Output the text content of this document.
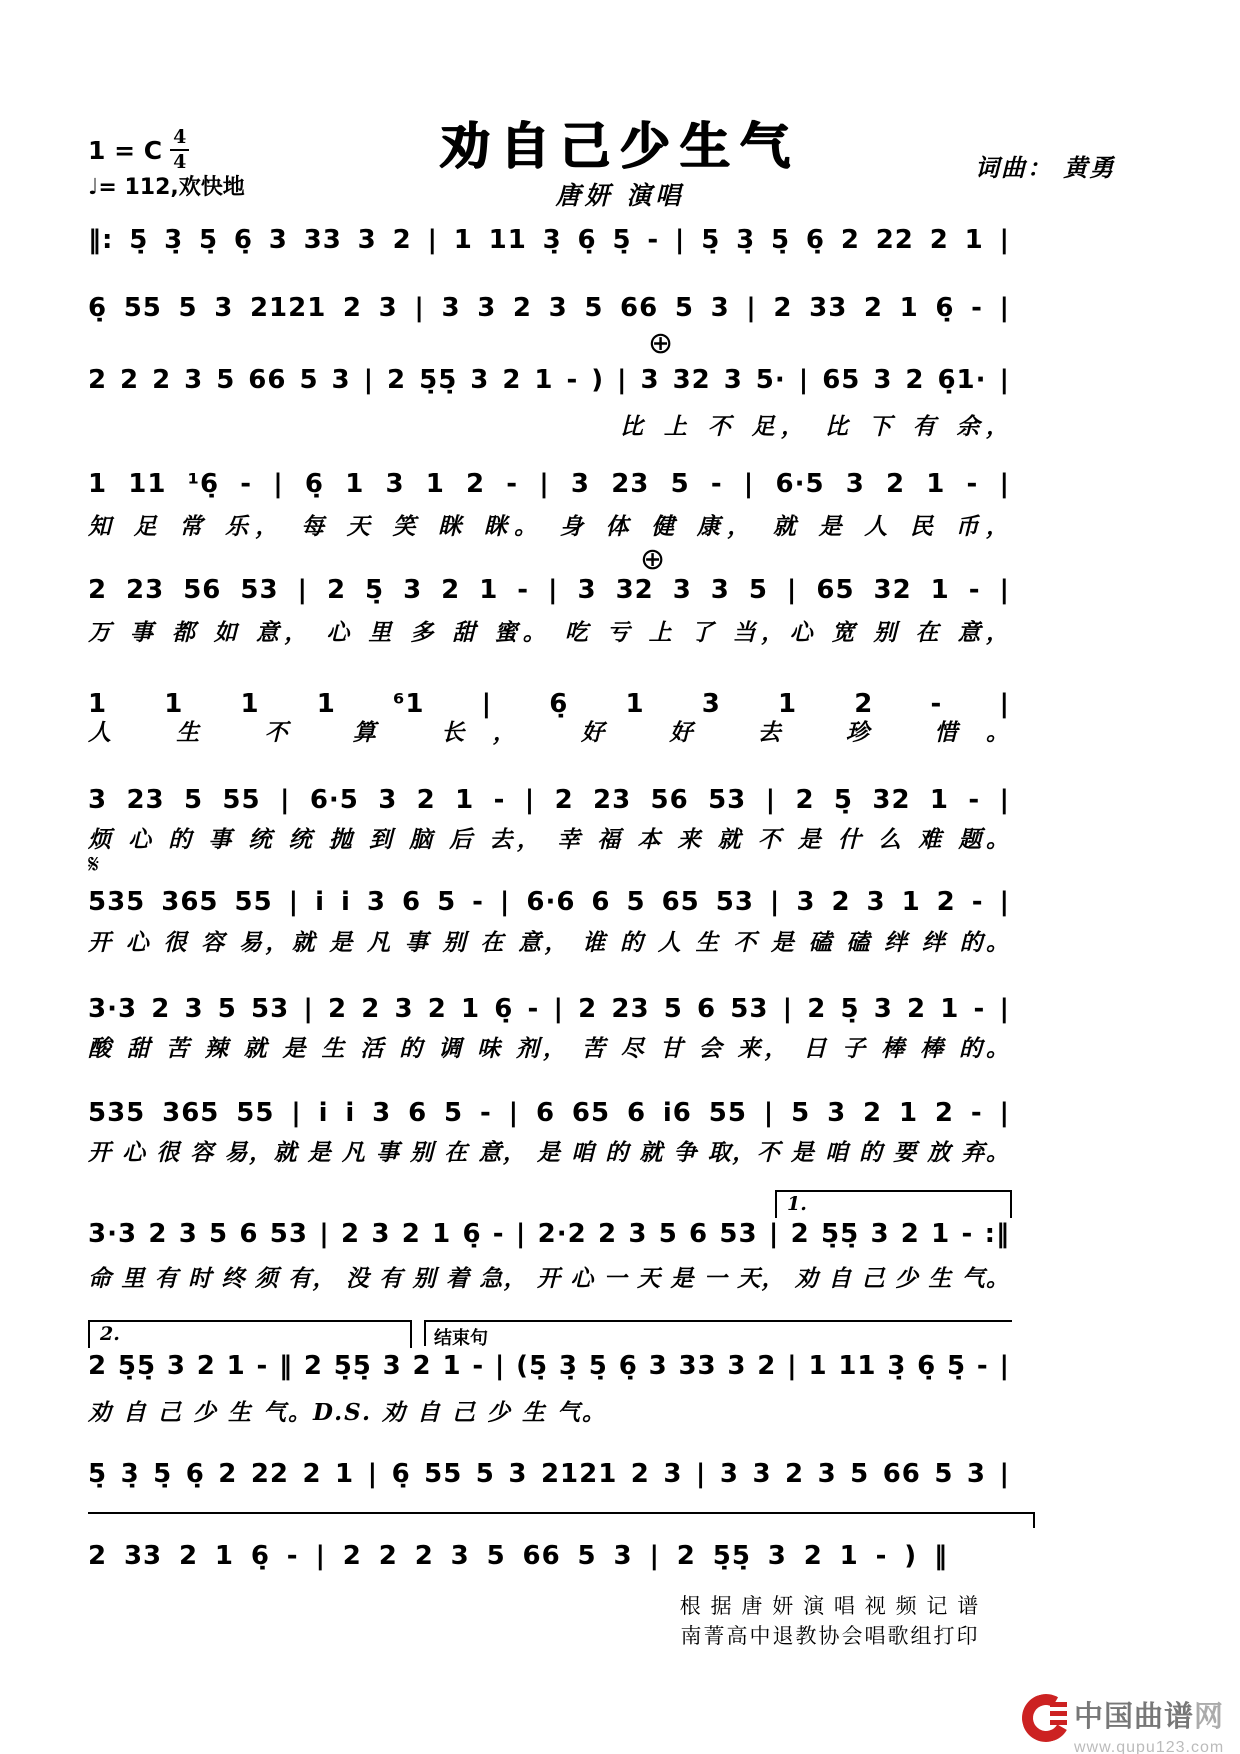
1 = C $\frac{4}{4}$
♩= 112,欢快地
劝自己少生气
唐妍 演唱
词曲： 黄勇
‖: 5̣ 3̣ 5̣ 6̣ 3 33 3 2 | 1 11 3̣ 6̣ 5̣ - | 5̣ 3̣ 5̣ 6̣ 2 22 2 1 |
6̣ 55 5 3 2121 2 3 | 3 3 2 3 5 66 5 3 | 2 33 2 1 6̣ - |
⊕
2 2 2 3 5 66 5 3 | 2 5̣5̣ 3 2 1 - ) | 3 32 3 5· | 65 3 2 6̣1· |
比 上 不 足， 比 下 有 余，
1 11 ¹6̣ - | 6̣ 1 3 1 2 - | 3 23 5 - | 6·5 3 2 1 - |
知 足 常 乐， 每 天 笑 眯 眯。 身 体 健 康， 就 是 人 民 币，
⊕
2 23 56 53 | 2 5̣ 3 2 1 - | 3 32 3 3 5 | 65 32 1 - |
万 事 都 如 意， 心 里 多 甜 蜜。 吃 亏 上 了 当，心 宽 别 在 意，
1 1 1 1 ⁶1 | 6̣ 1 3 1 2 - |
人 生 不 算 长， 好 好 去 珍 惜。
3 23 5 55 | 6·5 3 2 1 - | 2 23 56 53 | 2 5̣ 32 1 - |
烦 心 的 事 统 统 抛 到 脑 后 去， 幸 福 本 来 就 不 是 什 么 难 题。
𝄋
535 365 55 | i i 3 6 5 - | 6·6 6 5 65 53 | 3 2 3 1 2 - |
开 心 很 容 易，就 是 凡 事 别 在 意， 谁 的 人 生 不 是 磕 磕 绊 绊 的。
3·3 2 3 5 53 | 2 2 3 2 1 6̣ - | 2 23 5 6 53 | 2 5̣ 3 2 1 - |
酸 甜 苦 辣 就 是 生 活 的 调 味 剂， 苦 尽 甘 会 来， 日 子 棒 棒 的。
535 365 55 | i i 3 6 5 - | 6 65 6 i6 55 | 5 3 2 1 2 - |
开 心 很 容 易，就 是 凡 事 别 在 意， 是 咱 的 就 争 取，不 是 咱 的 要 放 弃。
1.
3·3 2 3 5 6 53 | 2 3 2 1 6̣ - | 2·2 2 3 5 6 53 | 2 5̣5̣ 3 2 1 - :‖
命 里 有 时 终 须 有， 没 有 别 着 急， 开 心 一 天 是 一 天， 劝 自 己 少 生 气。
2.	结束句
2 5̣5̣ 3 2 1 - ‖ 2 5̣5̣ 3 2 1 - | (5̣ 3̣ 5̣ 6̣ 3 33 3 2 | 1 11 3̣ 6̣ 5̣ - |
劝 自 己 少 生 气。D.S. 劝 自 己 少 生 气。
5̣ 3̣ 5̣ 6̣ 2 22 2 1 | 6̣ 55 5 3 2121 2 3 | 3 3 2 3 5 66 5 3 |
2 33 2 1 6̣ - | 2 2 2 3 5 66 5 3 | 2 5̣5̣ 3 2 1 - ) ‖
根 据 唐 妍 演 唱 视 频 记 谱
南菁高中退教协会唱歌组打印
中国曲谱网
www.qupu123.com
